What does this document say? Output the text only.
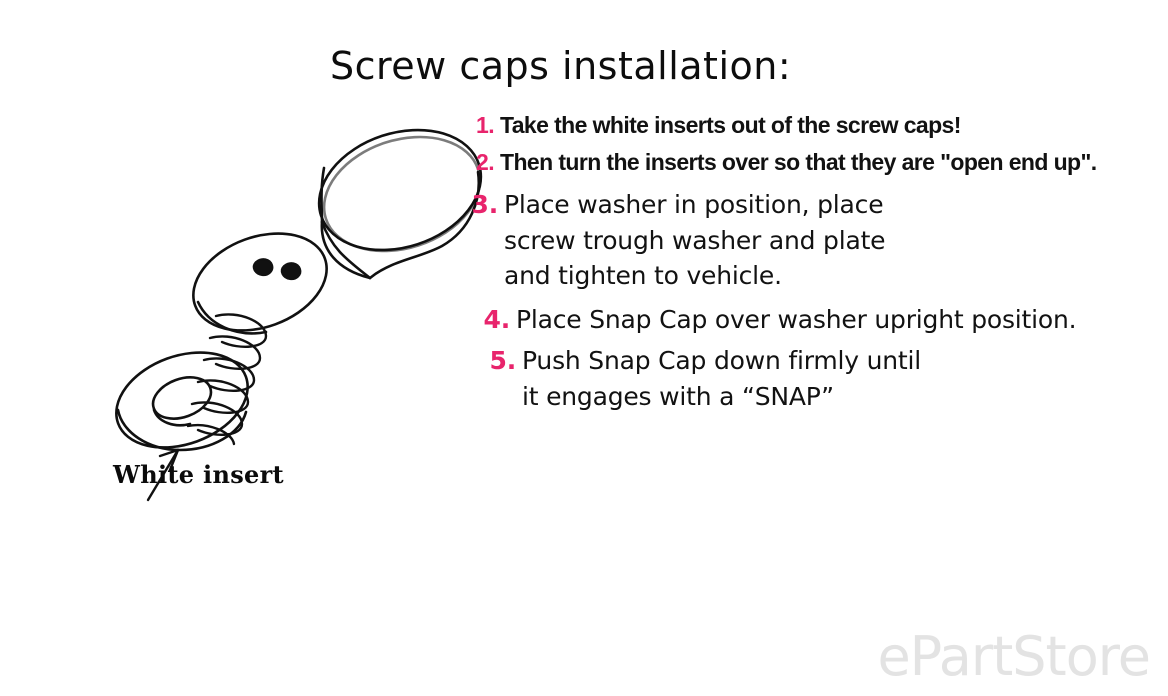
Screw caps installation:
White insert
1. Take the white inserts out of the screw caps!
2. Then turn the inserts over so that they are "open end up".
3. Place washer in position, place
screw trough washer and plate
and tighten to vehicle.
4. Place Snap Cap over washer upright position.
5. Push Snap Cap down firmly until
it engages with a “SNAP”
ePartStore
